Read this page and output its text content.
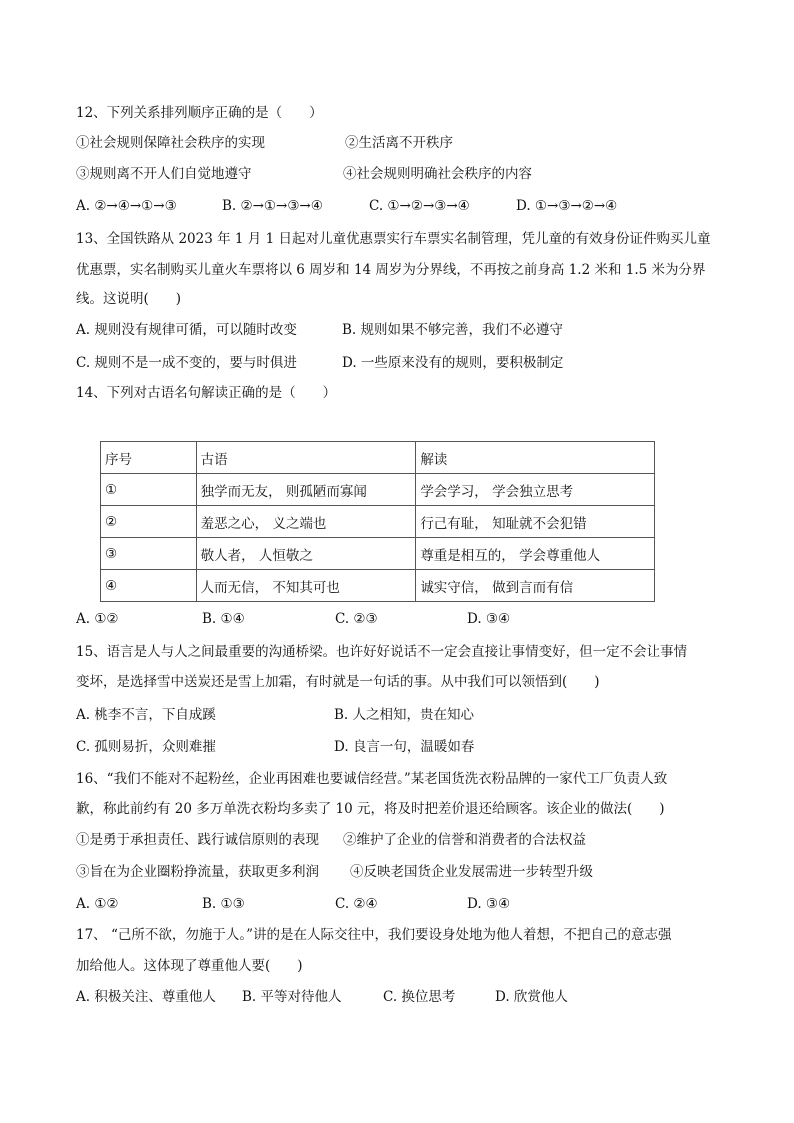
12、下列关系排列顺序正确的是（　　）
①社会规则保障社会秩序的实现	②生活离不开秩序
③规则离不开人们自觉地遵守	④社会规则明确社会秩序的内容
A. ②→④→①→③	B. ②→①→③→④	C. ①→②→③→④	D. ①→③→②→④
13、全国铁路从 2023 年 1 月 1 日起对儿童优惠票实行车票实名制管理，凭儿童的有效身份证件购买儿童
优惠票，实名制购买儿童火车票将以 6 周岁和 14 周岁为分界线，不再按之前身高 1.2 米和 1.5 米为分界
线。这说明(　　)
A. 规则没有规律可循，可以随时改变	B. 规则如果不够完善，我们不必遵守
C. 规则不是一成不变的，要与时俱进	D. 一些原来没有的规则，要积极制定
14、下列对古语名句解读正确的是（　　）
序号	古语	解读
①	独学而无友， 则孤陋而寡闻	学会学习， 学会独立思考
②	羞恶之心， 义之端也	行己有耻， 知耻就不会犯错
③	敬人者， 人恒敬之	尊重是相互的， 学会尊重他人
④	人而无信， 不知其可也	诚实守信， 做到言而有信
A. ①②	B. ①④	C. ②③	D. ③④
15、语言是人与人之间最重要的沟通桥梁。也许好好说话不一定会直接让事情变好，但一定不会让事情
变坏，是选择雪中送炭还是雪上加霜，有时就是一句话的事。从中我们可以领悟到(　　)
A. 桃李不言，下自成蹊	B. 人之相知，贵在知心
C. 孤则易折，众则难摧	D. 良言一句，温暖如春
16、“我们不能对不起粉丝，企业再困难也要诚信经营。”某老国货洗衣粉品牌的一家代工厂负责人致
歉，称此前约有 20 多万单洗衣粉均多卖了 10 元，将及时把差价退还给顾客。该企业的做法(　　)
①是勇于承担责任、践行诚信原则的表现 ②维护了企业的信誉和消费者的合法权益
③旨在为企业圈粉挣流量，获取更多利润 ④反映老国货企业发展需进一步转型升级
A. ①②	B. ①③	C. ②④	D. ③④
17、 “己所不欲，勿施于人。”讲的是在人际交往中，我们要设身处地为他人着想，不把自己的意志强
加给他人。这体现了尊重他人要(　　)
A. 积极关注、尊重他人 B. 平等对待他人	C. 换位思考	D. 欣赏他人
